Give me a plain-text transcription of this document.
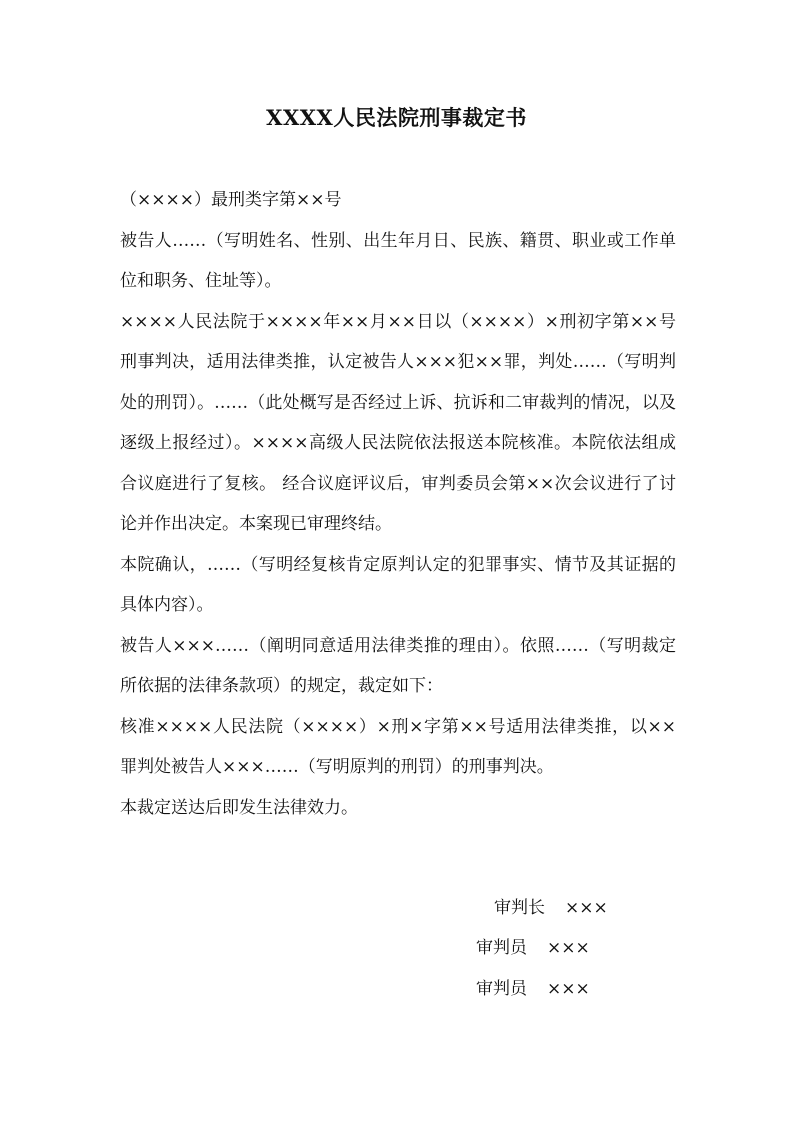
XXXX人民法院刑事裁定书

（××××）最刑类字第××号

被告人……（写明姓名、性别、出生年月日、民族、籍贯、职业或工作单位和职务、住址等）。

××××人民法院于××××年××月××日以（××××）×刑初字第××号刑事判决，适用法律类推，认定被告人×××犯××罪，判处……（写明判处的刑罚）。……（此处概写是否经过上诉、抗诉和二审裁判的情况，以及逐级上报经过）。××××高级人民法院依法报送本院核准。本院依法组成合议庭进行了复核。 经合议庭评议后，审判委员会第××次会议进行了讨论并作出决定。本案现已审理终结。

本院确认，……（写明经复核肯定原判认定的犯罪事实、情节及其证据的具体内容）。

被告人×××……（阐明同意适用法律类推的理由）。依照……（写明裁定所依据的法律条款项）的规定，裁定如下：

核准××××人民法院（××××）×刑×字第××号适用法律类推，以××罪判处被告人×××……（写明原判的刑罚）的刑事判决。

本裁定送达后即发生法律效力。

审判长 ×××
审判员 ×××
审判员 ×××
